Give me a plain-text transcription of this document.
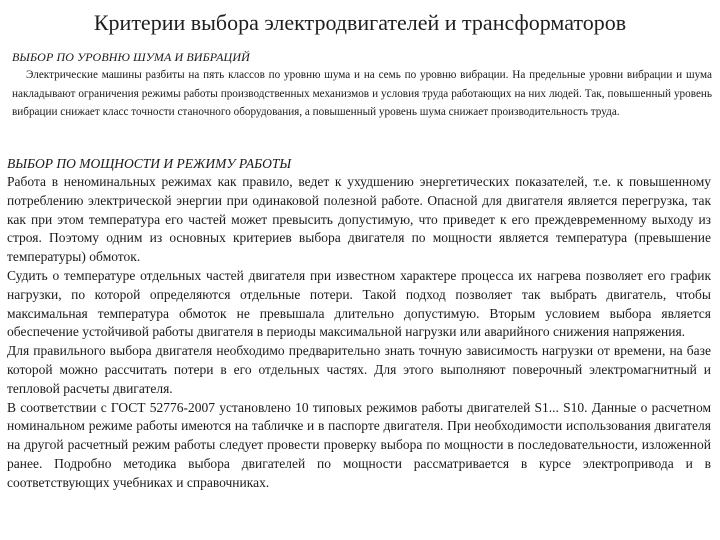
Критерии выбора электродвигателей и трансформаторов
ВЫБОР ПО УРОВНЮ ШУМА И ВИБРАЦИЙ

Электрические машины разбиты на пять классов по уровню шума и на семь по уровню вибрации. На предельные уровни вибрации и шума накладывают ограничения режимы работы производственных механизмов и условия труда работающих на них людей. Так, повышенный уровень вибрации снижает класс точности станочного оборудования, а повышенный уровень шума снижает производительность труда.

ВЫБОР ПО МОЩНОСТИ И РЕЖИМУ РАБОТЫ

Работа в неноминальных режимах как правило, ведет к ухудшению энергетических показателей, т.е. к повышенному потреблению электрической энергии при одинаковой полезной работе. Опасной для двигателя является перегрузка, так как при этом температура его частей может превысить допустимую, что приведет к его преждевременному выходу из строя. Поэтому одним из основных критериев выбора двигателя по мощности является температура (превышение температуры) обмоток.

Судить о температуре отдельных частей двигателя при известном характере процесса их нагрева позволяет его график нагрузки, по которой определяются отдельные потери. Такой подход позволяет так выбрать двигатель, чтобы максимальная температура обмоток не превышала длительно допустимую. Вторым условием выбора является обеспечение устойчивой работы двигателя в периоды максимальной нагрузки или аварийного снижения напряжения.

Для правильного выбора двигателя необходимо предварительно знать точную зависимость нагрузки от времени, на базе которой можно рассчитать потери в его отдельных частях. Для этого выполняют поверочный электромагнитный и тепловой расчеты двигателя.

В соответствии с ГОСТ 52776-2007 установлено 10 типовых режимов работы двигателей S1... S10. Данные о расчетном номинальном режиме работы имеются на табличке и в паспорте двигателя. При необходимости использования двигателя на другой расчетный режим работы следует провести проверку выбора по мощности в последовательности, изложенной ранее. Подробно методика выбора двигателей по мощности рассматривается в курсе электропривода и в соответствующих учебниках и справочниках.
